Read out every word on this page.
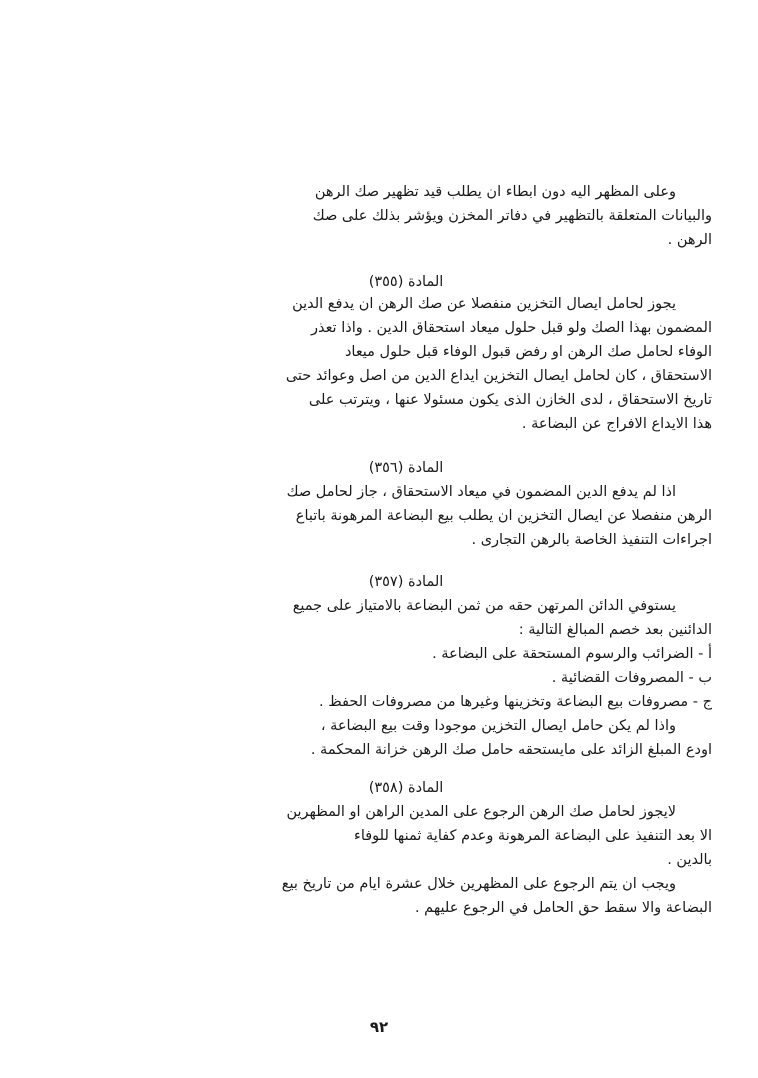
وعلى المظهر اليه دون ابطاء ان يطلب قيد تظهير صك الرهن
والبيانات المتعلقة بالتظهير في دفاتر المخزن ويؤشر بذلك على صك
الرهن .
المادة (٣٥٥)
يجوز لحامل ايصال التخزين منفصلا عن صك الرهن ان يدفع الدين
المضمون بهذا الصك ولو قبل حلول ميعاد استحقاق الدين . واذا تعذر
الوفاء لحامل صك الرهن او رفض قبول الوفاء قبل حلول ميعاد
الاستحقاق ، كان لحامل ايصال التخزين ايداع الدين من اصل وعوائد حتى
تاريخ الاستحقاق ، لدى الخازن الذى يكون مسئولا عنها ، ويترتب على
هذا الايداع الافراج عن البضاعة .
المادة (٣٥٦)
اذا لم يدفع الدين المضمون في ميعاد الاستحقاق ، جاز لحامل صك
الرهن منفصلا عن ايصال التخزين ان يطلب بيع البضاعة المرهونة باتباع
اجراءات التنفيذ الخاصة بالرهن التجارى .
المادة (٣٥٧)
يستوفي الدائن المرتهن حقه من ثمن البضاعة بالامتياز على جميع
الدائنين بعد خصم المبالغ التالية :
أ - الضرائب والرسوم المستحقة على البضاعة .
ب - المصروفات القضائية .
ج - مصروفات بيع البضاعة وتخزينها وغيرها من مصروفات الحفظ .
واذا لم يكن حامل ايصال التخزين موجودا وقت بيع البضاعة ،
اودع المبلغ الزائد على مايستحقه حامل صك الرهن خزانة المحكمة .
المادة (٣٥٨)
لايجوز لحامل صك الرهن الرجوع على المدين الراهن او المظهرين
الا بعد التنفيذ على البضاعة المرهونة وعدم كفاية ثمنها للوفاء
بالدين .
ويجب ان يتم الرجوع على المظهرين خلال عشرة ايام من تاريخ بيع
البضاعة والا سقط حق الحامل في الرجوع عليهم .
٩٢
